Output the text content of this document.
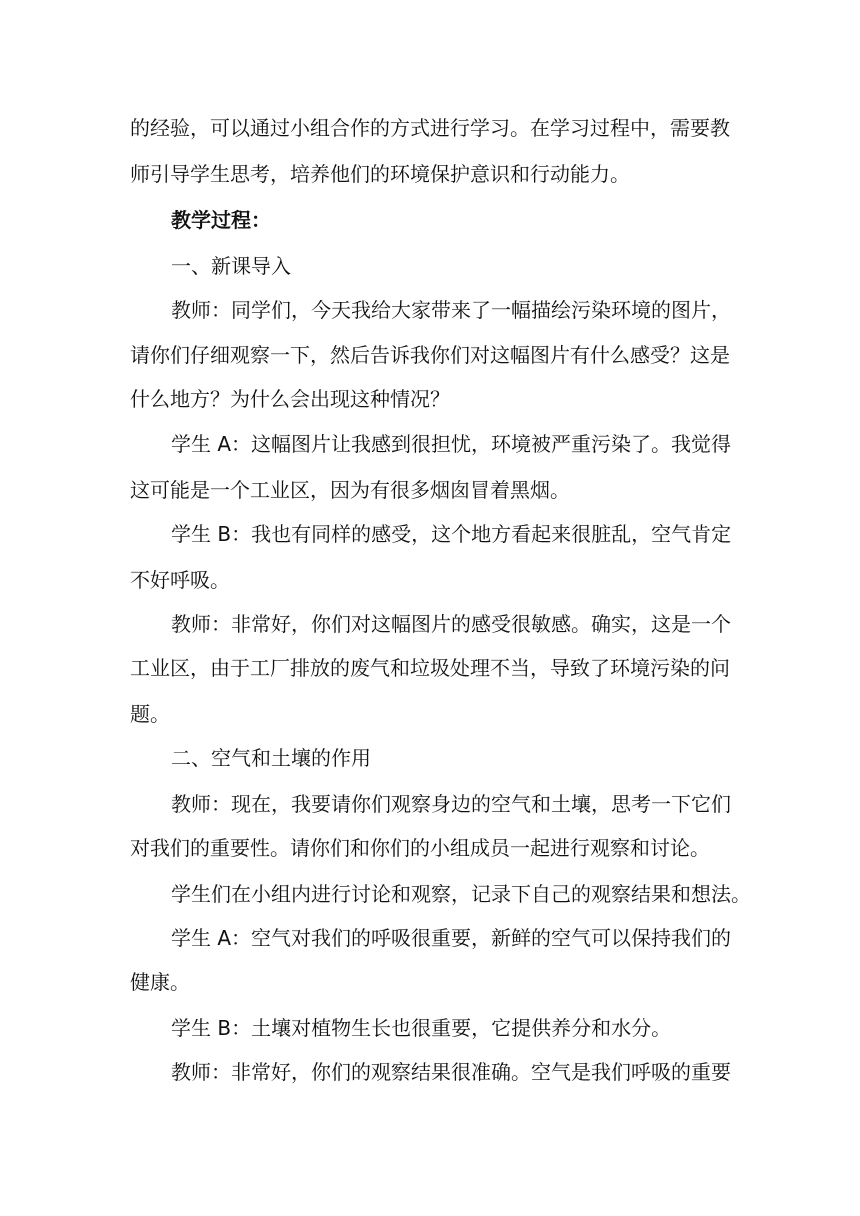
的经验，可以通过小组合作的方式进行学习。在学习过程中，需要教
师引导学生思考，培养他们的环境保护意识和行动能力。
教学过程：
一、新课导入
教师：同学们，今天我给大家带来了一幅描绘污染环境的图片，
请你们仔细观察一下，然后告诉我你们对这幅图片有什么感受？这是
什么地方？为什么会出现这种情况？
学生 A：这幅图片让我感到很担忧，环境被严重污染了。我觉得
这可能是一个工业区，因为有很多烟囱冒着黑烟。
学生 B：我也有同样的感受，这个地方看起来很脏乱，空气肯定
不好呼吸。
教师：非常好，你们对这幅图片的感受很敏感。确实，这是一个
工业区，由于工厂排放的废气和垃圾处理不当，导致了环境污染的问
题。
二、空气和土壤的作用
教师：现在，我要请你们观察身边的空气和土壤，思考一下它们
对我们的重要性。请你们和你们的小组成员一起进行观察和讨论。
学生们在小组内进行讨论和观察，记录下自己的观察结果和想法。
学生 A：空气对我们的呼吸很重要，新鲜的空气可以保持我们的
健康。
学生 B：土壤对植物生长也很重要，它提供养分和水分。
教师：非常好，你们的观察结果很准确。空气是我们呼吸的重要
